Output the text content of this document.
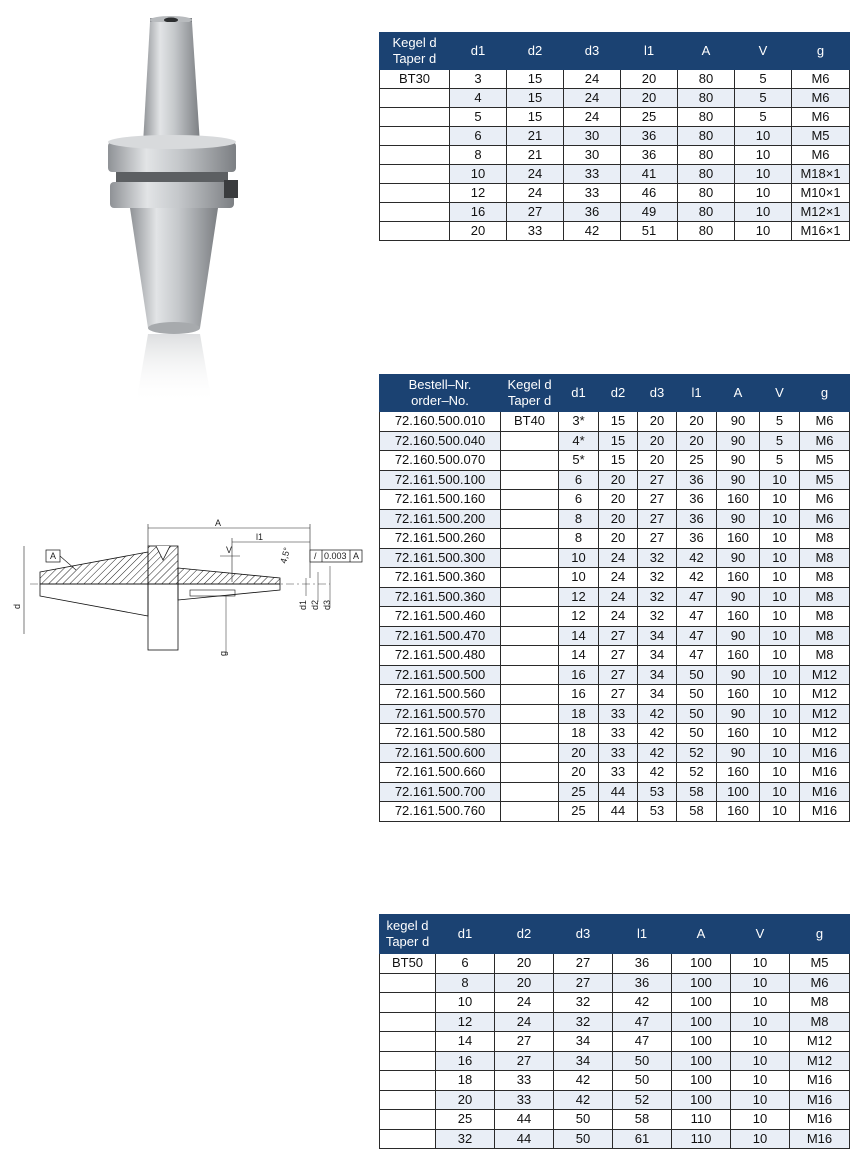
A
l1
V	4,5° / 0.003 A
A
d	d1 d2 d3
g
Kegel d
Taper d	d1	d2	d3	l1	A	V	g
BT30	3	15	24	20	80	5	M6
	4	15	24	20	80	5	M6
	5	15	24	25	80	5	M6
	6	21	30	36	80	10	M5
	8	21	30	36	80	10	M6
	10	24	33	41	80	10	M18×1
	12	24	33	46	80	10	M10×1
	16	27	36	49	80	10	M12×1
	20	33	42	51	80	10	M16×1
Bestell–Nr.
order–No.	Kegel d
Taper d	d1	d2	d3	l1	A	V	g
72.160.500.010	BT40	3*	15	20	20	90	5	M6
72.160.500.040		4*	15	20	20	90	5	M6
72.160.500.070		5*	15	20	25	90	5	M5
72.161.500.100		6	20	27	36	90	10	M5
72.161.500.160		6	20	27	36	160	10	M6
72.161.500.200		8	20	27	36	90	10	M6
72.161.500.260		8	20	27	36	160	10	M8
72.161.500.300		10	24	32	42	90	10	M8
72.161.500.360		10	24	32	42	160	10	M8
72.161.500.360		12	24	32	47	90	10	M8
72.161.500.460		12	24	32	47	160	10	M8
72.161.500.470		14	27	34	47	90	10	M8
72.161.500.480		14	27	34	47	160	10	M8
72.161.500.500		16	27	34	50	90	10	M12
72.161.500.560		16	27	34	50	160	10	M12
72.161.500.570		18	33	42	50	90	10	M12
72.161.500.580		18	33	42	50	160	10	M12
72.161.500.600		20	33	42	52	90	10	M16
72.161.500.660		20	33	42	52	160	10	M16
72.161.500.700		25	44	53	58	100	10	M16
72.161.500.760		25	44	53	58	160	10	M16
kegel d
Taper d	d1	d2	d3	l1	A	V	g
BT50	6	20	27	36	100	10	M5
	8	20	27	36	100	10	M6
	10	24	32	42	100	10	M8
	12	24	32	47	100	10	M8
	14	27	34	47	100	10	M12
	16	27	34	50	100	10	M12
	18	33	42	50	100	10	M16
	20	33	42	52	100	10	M16
	25	44	50	58	110	10	M16
	32	44	50	61	110	10	M16
